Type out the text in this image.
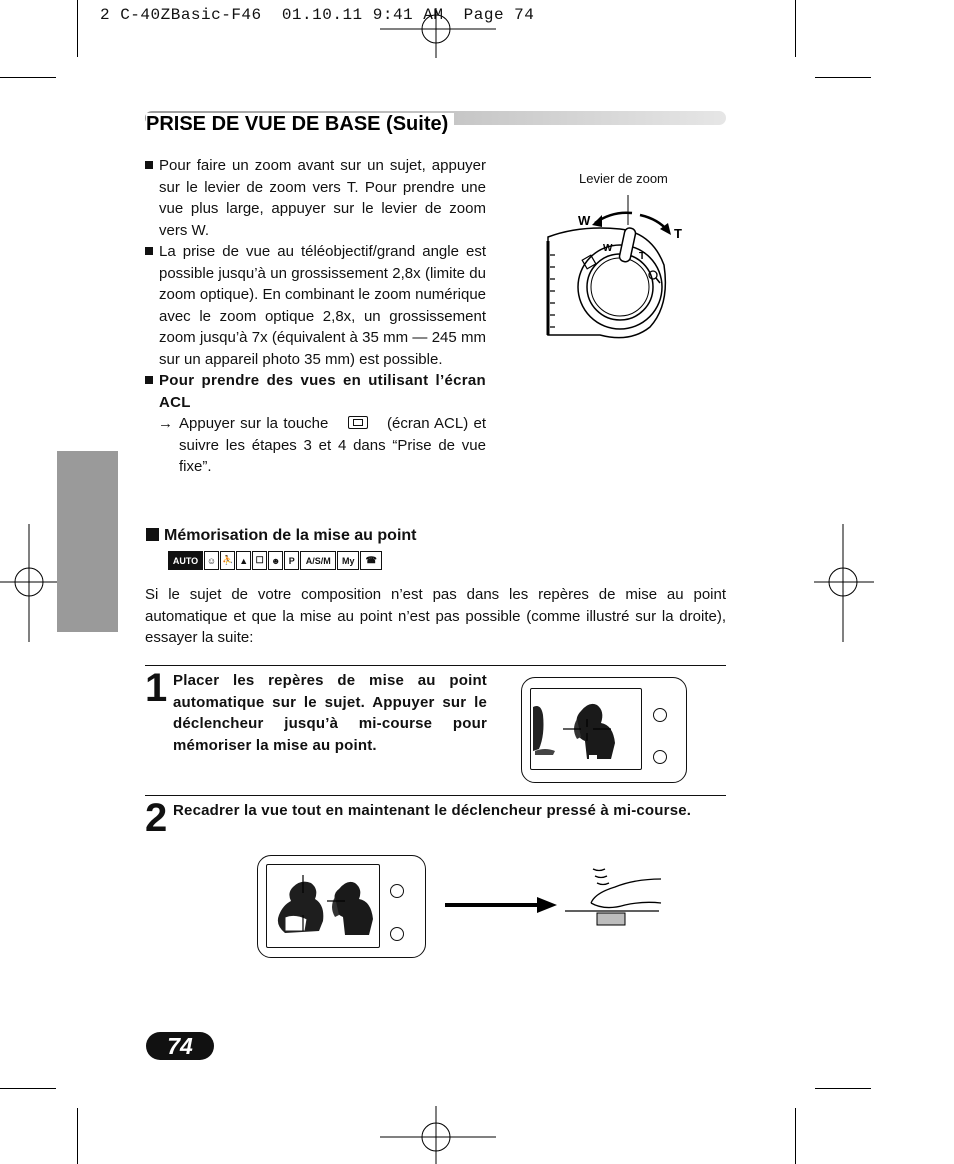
2 C-40ZBasic-F46  01.10.11 9:41 AM  Page 74
PRISE DE VUE DE BASE (Suite)
Pour faire un zoom avant sur un sujet, appuyer sur le levier de zoom vers T. Pour prendre une vue plus large, appuyer sur le levier de zoom vers W.
La prise de vue au téléobjectif/grand angle est possible jusqu’à un grossissement 2,8x (limite du zoom optique). En combinant le zoom numérique avec le zoom optique 2,8x, un grossissement zoom jusqu’à 7x (équivalent à 35 mm — 245 mm sur un appareil photo 35 mm) est possible.
Pour prendre des vues en utilisant l’écran ACL
→ Appuyer sur la touche	(écran ACL) et suivre les étapes 3 et 4 dans “Prise de vue fixe”.
Levier de zoom
W
T
W
T
Mémorisation de la mise au point
AUTO ☺ ⛹ ▲ ☐ ☻ P	A/S/M	My	☎
Si le sujet de votre composition n’est pas dans les repères de mise au point automatique et que la mise au point n’est pas possible (comme illustré sur la droite), essayer la suite:
1 Placer les repères de mise au point automatique sur le sujet. Appuyer sur le déclencheur jusqu’à mi-course pour mémoriser la mise au point.
2 Recadrer la vue tout en maintenant le déclencheur pressé à mi-course.
74
